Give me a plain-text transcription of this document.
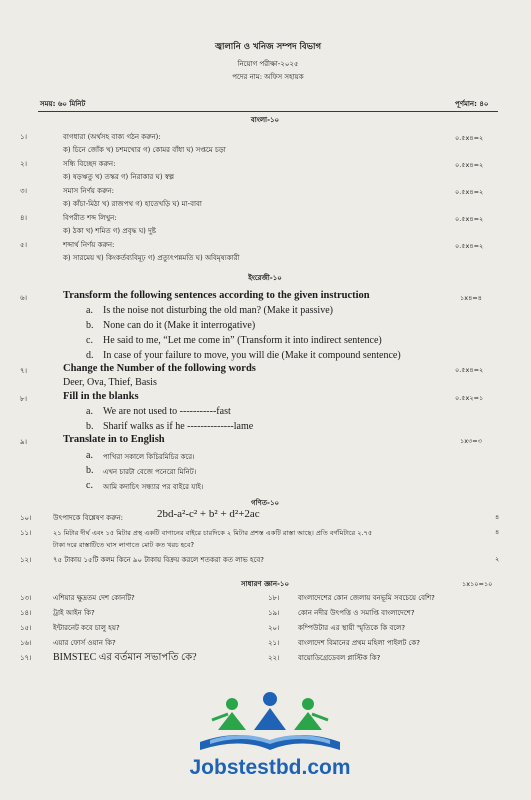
জ্বালানি ও খনিজ সম্পদ বিভাগ
নিয়োগ পরীক্ষা-২০২৫
পদের নাম: অফিস সহায়ক
সময়: ৬০ মিনিট	পূর্ণমান: ৪০
বাংলা-১০
১।	বাগধারা (অর্থসহ বাক্য গঠন করুন):	০.৫x৪=২
ক) চিনে জোঁক খ) চশমখোর গ) কোমর বাঁধা ঘ) সপ্তমে চড়া
২।	সন্ধি বিচ্ছেদ করুন:	০.৫x৪=২
ক) ষড়ঋতু খ) তস্কর গ) নিরাকার ঘ) স্বল্প
৩।	সমাস নির্ণয় করুন:	০.৫x৪=২
ক) কাঁচা-মিঠা খ) রাজপথ গ) হাতেখড়ি ঘ) মা-বাবা
৪।	বিপরীত শব্দ লিখুন:	০.৫x৪=২
ক) ঠকা খ) শমিত গ) প্রবৃদ্ধ ঘ) দুষ্ট
৫।	শব্দার্থ নির্ণয় করুন:	০.৫x৪=২
ক) সারমেয় খ) কিংকর্তব্যবিমূঢ় গ) প্রত্যুৎপন্নমতি ঘ) অবিমৃষ্যকারী
ইংরেজী-১০
৬।	Transform the following sentences according to the given instruction	১x৪=৪
a. Is the noise not disturbing the old man? (Make it passive)
b. None can do it (Make it interrogative)
c. He said to me, “Let me come in” (Transform it into indirect sentence)
d. In case of your failure to move, you will die (Make it compound sentence)
৭।	Change the Number of the following words	০.৫x৪=২
Deer, Ova, Thief, Basis
৮।	Fill in the blanks	০.৫x২=১
a. We are not used to -----------fast
b. Sharif walks as if he --------------lame
৯।	Translate in to English	১x৩=৩
a. পাখিরা সকালে কিচিরমিচির করে।
b. এখন চারটা বেজে পনেরো মিনিট।
c. আমি কদাচিৎ সন্ধ্যার পর বাইরে যাই।
গণিত-১০
১০।	উৎপাদকে বিশ্লেষণ করুন:	2bd-a²-c² + b² + d²+2ac	৪
১১।	২১ মিটার দীর্ঘ এবং ১৫ মিটার প্রস্থ একটি বাগানের বাইরে চারদিকে ২ মিটার প্রশস্ত একটি রাস্তা আছে। প্রতি বর্গমিটারে ২.৭৫	৪
টাকা দরে রাস্তাটিতে ঘাস লাগাতে মোট কত খরচ হবে?
১২।	৭৫ টাকায় ১৫টি কলম কিনে ৯০ টাকায় বিক্রয় করলে শতকরা কত লাভ হবে?	২
সাধারণ জ্ঞান-১০	১x১০=১০
১৩।	এশিয়ার ক্ষুদ্রতম দেশ কোনটি?
১৪।	ট্রাই আইন কি?
১৫।	ইন্টারনেট কবে চালু হয়?
১৬।	এয়ার ফোর্স ওয়ান কি?
১৭। BIMSTEC এর বর্তমান সভাপতি কে?
১৮।	বাংলাদেশের কোন জেলায় বনভূমি সবচেয়ে বেশি?
১৯।	কোন নদীর উৎপত্তি ও সমাপ্তি বাংলাদেশে?
২০।	কম্পিউটার এর স্থায়ী স্মৃতিকে কি বলে?
২১।	বাংলাদেশ বিমানের প্রথম মহিলা পাইলট কে?
২২।	বায়োডিগ্রেডেবল প্লাস্টিক কি?
Jobstestbd.com
